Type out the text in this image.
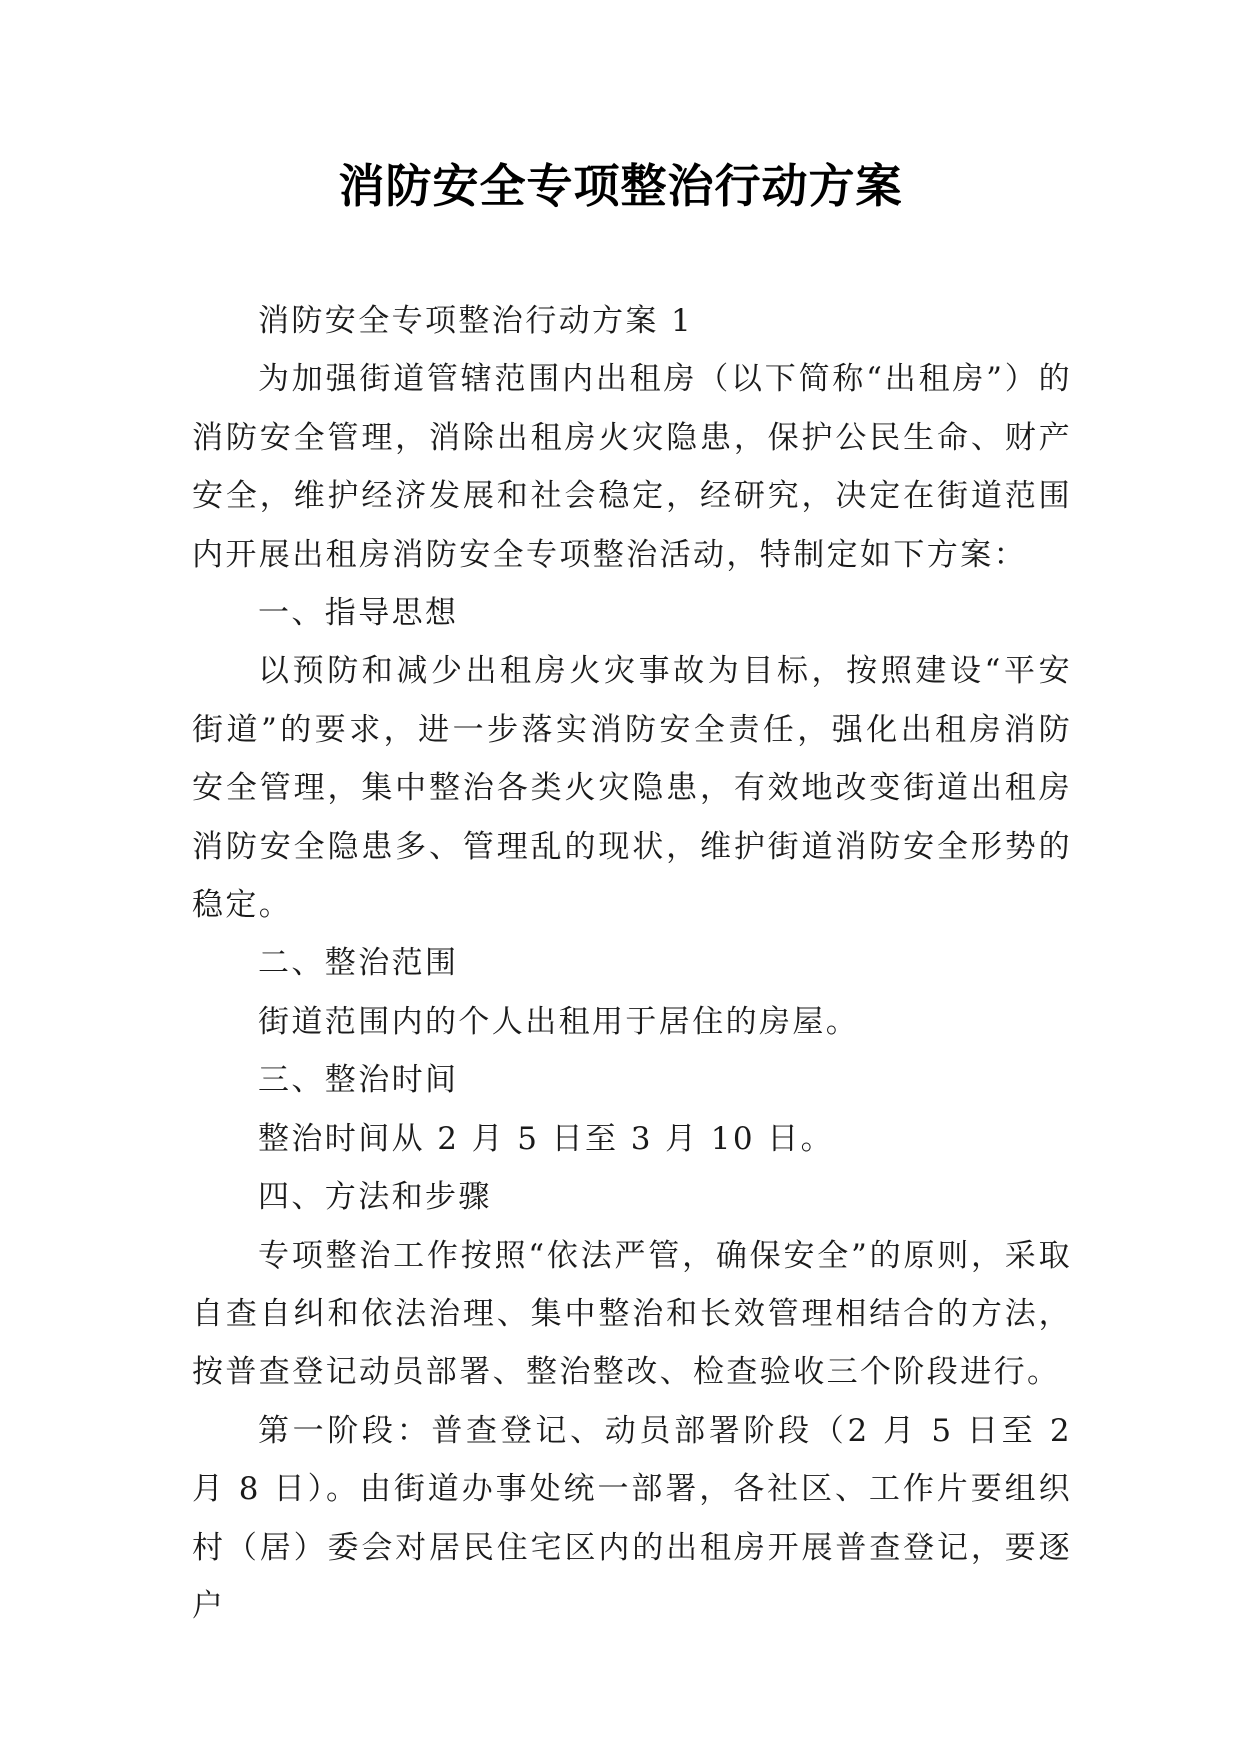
消防安全专项整治行动方案

消防安全专项整治行动方案 1

为加强街道管辖范围内出租房（以下简称“出租房”）的消防安全管理，消除出租房火灾隐患，保护公民生命、财产安全，维护经济发展和社会稳定，经研究，决定在街道范围内开展出租房消防安全专项整治活动，特制定如下方案：

一、指导思想

以预防和减少出租房火灾事故为目标，按照建设“平安街道”的要求，进一步落实消防安全责任，强化出租房消防安全管理，集中整治各类火灾隐患，有效地改变街道出租房消防安全隐患多、管理乱的现状，维护街道消防安全形势的稳定。

二、整治范围

街道范围内的个人出租用于居住的房屋。

三、整治时间

整治时间从 2 月 5 日至 3 月 10 日。

四、方法和步骤

专项整治工作按照“依法严管，确保安全”的原则，采取自查自纠和依法治理、集中整治和长效管理相结合的方法，按普查登记动员部署、整治整改、检查验收三个阶段进行。

第一阶段：普查登记、动员部署阶段（2 月 5 日至 2 月 8 日）。由街道办事处统一部署，各社区、工作片要组织村（居）委会对居民住宅区内的出租房开展普查登记，要逐户
